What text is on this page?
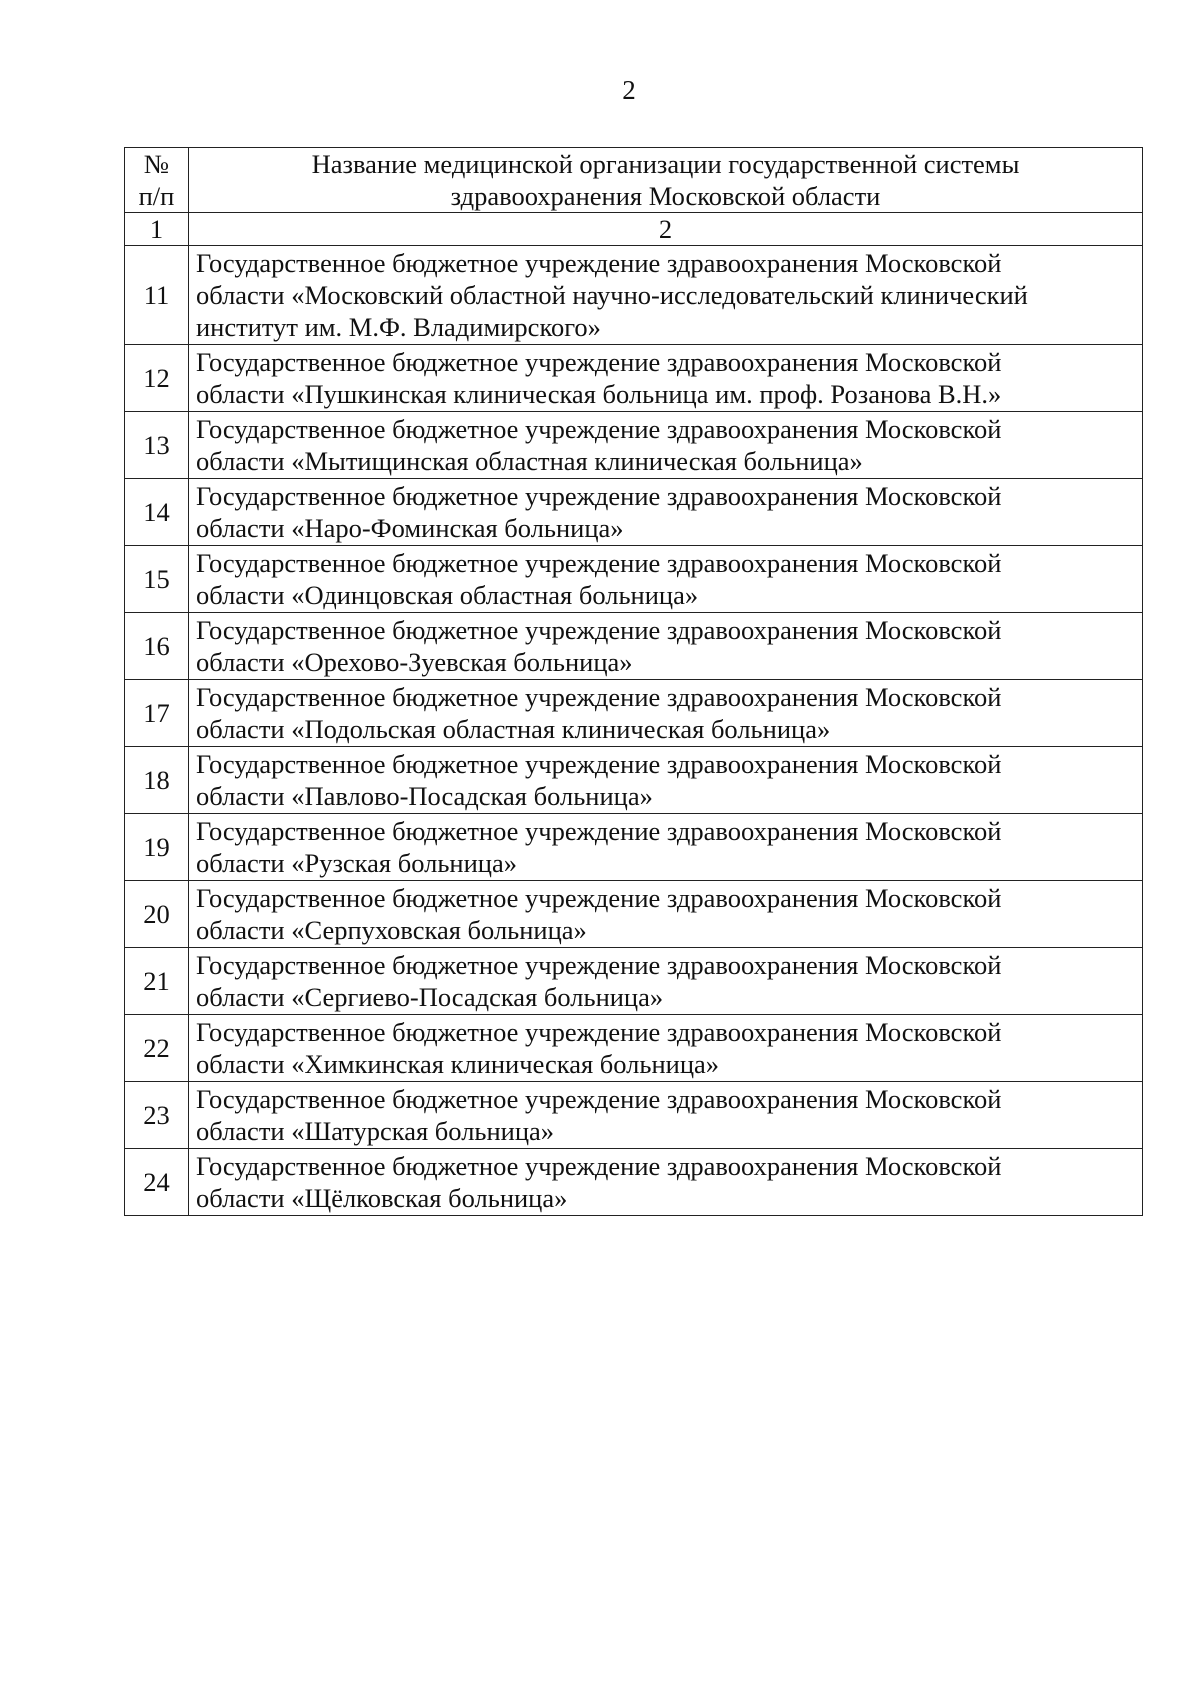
2
№
п/п	Название медицинской организации государственной системы
здравоохранения Московской области

1	2
11	Государственное бюджетное учреждение здравоохранения Московской
области «Московский областной научно-исследовательский клинический
институт им. М.Ф. Владимирского»

12	Государственное бюджетное учреждение здравоохранения Московской
области «Пушкинская клиническая больница им. проф. Розанова В.Н.»

13	Государственное бюджетное учреждение здравоохранения Московской
области «Мытищинская областная клиническая больница»

14	Государственное бюджетное учреждение здравоохранения Московской
области «Наро-Фоминская больница»

15	Государственное бюджетное учреждение здравоохранения Московской
области «Одинцовская областная больница»

16	Государственное бюджетное учреждение здравоохранения Московской
области «Орехово-Зуевская больница»

17	Государственное бюджетное учреждение здравоохранения Московской
области «Подольская областная клиническая больница»

18	Государственное бюджетное учреждение здравоохранения Московской
области «Павлово-Посадская больница»

19	Государственное бюджетное учреждение здравоохранения Московской
области «Рузская больница»

20	Государственное бюджетное учреждение здравоохранения Московской
области «Серпуховская больница»

21	Государственное бюджетное учреждение здравоохранения Московской
области «Сергиево-Посадская больница»

22	Государственное бюджетное учреждение здравоохранения Московской
области «Химкинская клиническая больница»

23	Государственное бюджетное учреждение здравоохранения Московской
области «Шатурская больница»

24	Государственное бюджетное учреждение здравоохранения Московской
области «Щёлковская больница»
